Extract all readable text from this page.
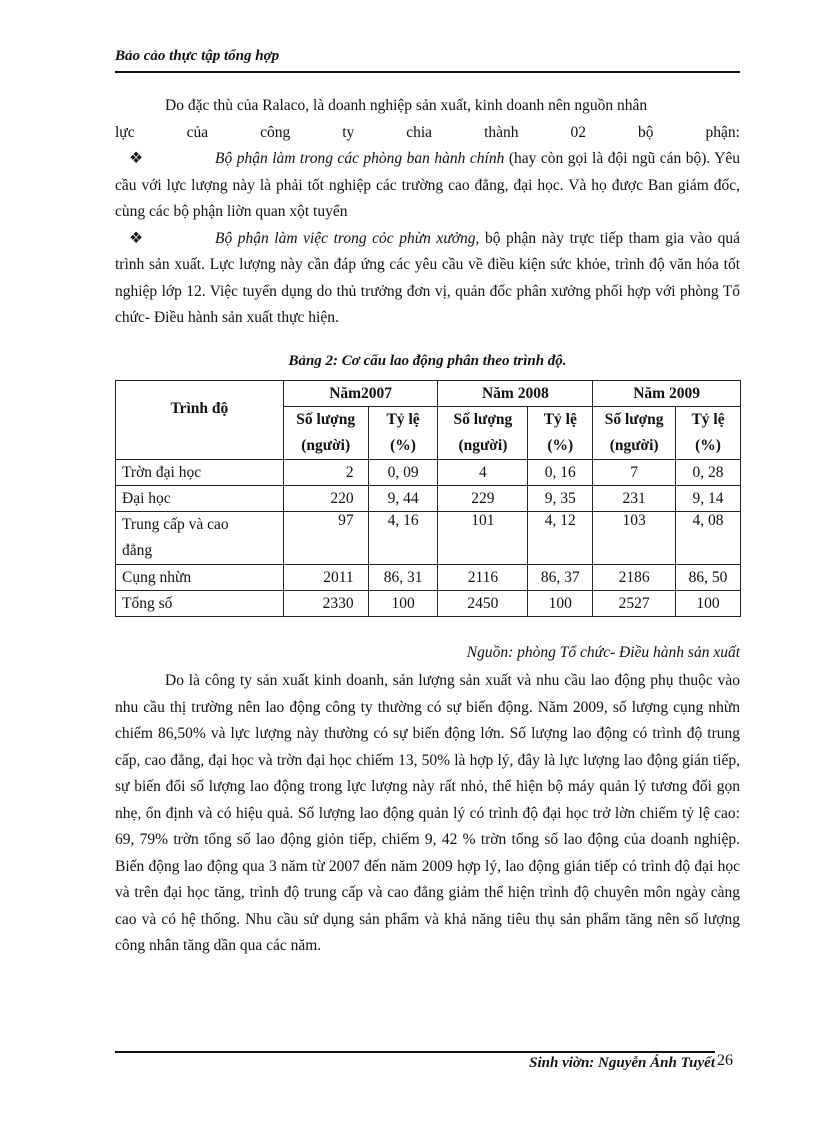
Bảo cảo thực tập tổng hợp

Do đặc thù của Ralaco, là doanh nghiệp sản xuất, kinh doanh nên nguồn nhân

lực	của	công	ty	chia	thành	02	bộ	phận:
❖	Bộ phận làm trong các phòng ban hành chính (hay còn gọi là đội ngũ cán bộ). Yêu cầu với lực lượng này là phải tốt nghiệp các trường cao đẳng, đại học. Và họ được Ban giám đốc, cùng các bộ phận liờn quan xột tuyển

❖	Bộ phận làm việc trong cỏc phừn xưởng, bộ phận này trực tiếp tham gia vào quá trình sản xuất. Lực lượng này cần đáp ứng các yêu cầu về điều kiện sức khỏe, trình độ văn hóa tốt nghiệp lớp 12. Việc tuyển dụng do thủ trưởng đơn vị, quản đốc phân xưởng phối hợp với phòng Tổ chức- Điều hành sản xuất thực hiện.

Bảng 2: Cơ cấu lao động phân theo trình độ.
Trình độ	Năm2007		Năm 2008		Năm 2009	
	Số lượng (người)	Tỷ lệ (%)	Số lượng (người)	Tỷ lệ (%)	Số lượng (người)	Tỷ lệ (%)
Trờn đại học	2	0, 09	4	0, 16	7	0, 28
Đại học	220	9, 44	229	9, 35	231	9, 14

Trung cấp và cao đẳng	97	4, 16	101	4, 12	103	4, 08
Cụng nhừn	2011	86, 31	2116	86, 37	2186	86, 50
Tổng số	2330	100	2450	100	2527	100
Nguồn: phòng Tổ chức- Điều hành sản xuất

Do là công ty sản xuất kinh doanh, sản lượng sản xuất và nhu cầu lao động phụ thuộc vào nhu cầu thị trường nên lao động công ty thường có sự biến động. Năm 2009, số lượng cụng nhừn chiếm 86,50% và lực lượng này thường có sự biến động lớn. Số lượng lao động có trình độ trung cấp, cao đẳng, đại học và trờn đại học chiếm 13, 50% là hợp lý, đây là lực lượng lao động gián tiếp, sự biến đổi số lượng lao động trong lực lượng này rất nhỏ, thể hiện bộ máy quản lý tương đối gọn nhẹ, ổn định và có hiệu quả. Số lượng lao động quản lý có trình độ đại học trở lờn chiếm tỷ lệ cao: 69, 79% trờn tổng số lao động giỏn tiếp, chiếm 9, 42 % trờn tổng số lao động của doanh nghiệp. Biến động lao động qua 3 năm từ 2007 đến năm 2009 hợp lý, lao động gián tiếp có trình độ đại học và trên đại học tăng, trình độ trung cấp và cao đẳng giảm thể hiện trình độ chuyên môn ngày càng cao và có hệ thống. Nhu cầu sử dụng sản phẩm và khả năng tiêu thụ sản phẩm tăng nên số lượng công nhân tăng dần qua các năm.

Sinh viờn: Nguyễn Ánh Tuyết 26
